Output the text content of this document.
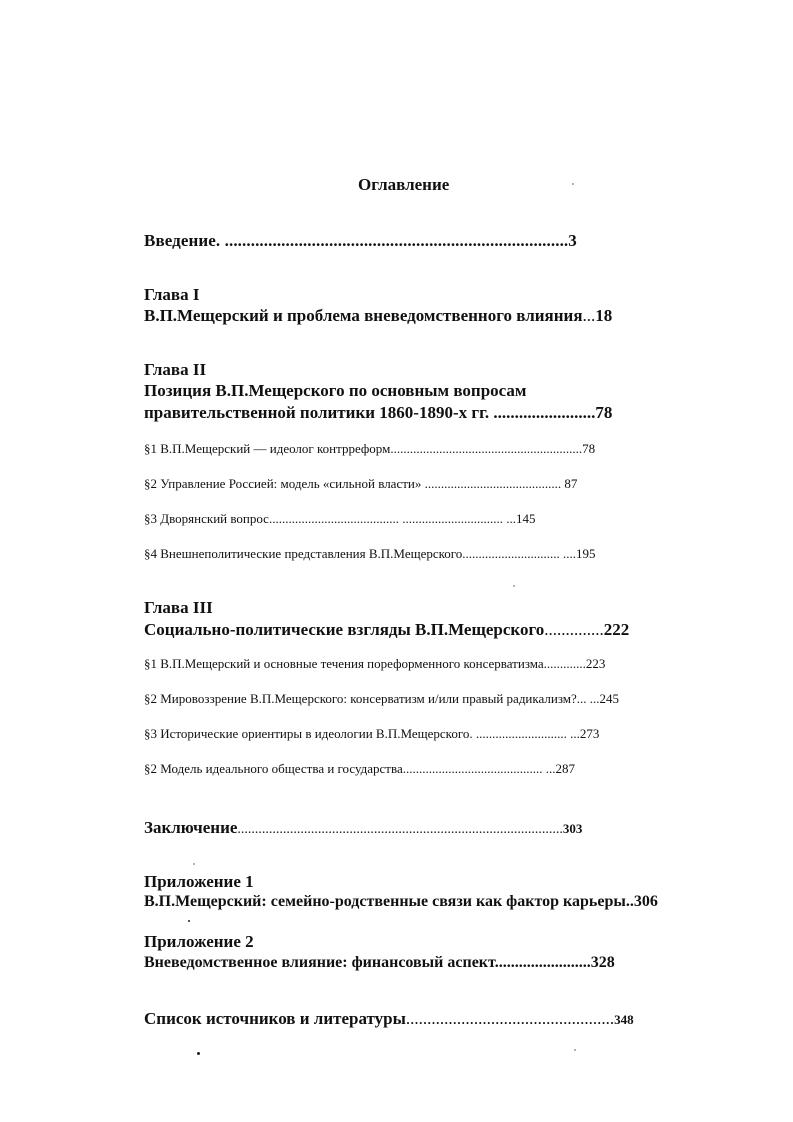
Оглавление
Введение. ...............................................................................3
Глава I
В.П.Мещерский и проблема вневедомственного влияния...18
Глава II
Позиция В.П.Мещерского по основным вопросам
правительственной политики 1860-1890-х гг. ........................78
§1 В.П.Мещерский — идеолог контрреформ...........................................................78
§2 Управление Россией: модель «сильной власти» .......................................... 87
§3 Дворянский вопрос........................................ ............................... ...145
§4 Внешнеполитические представления В.П.Мещерского.............................. ....195
Глава III
Социально-политические взгляды В.П.Мещерского..............222
§1 В.П.Мещерский и основные течения пореформенного консерватизма.............223
§2 Мировоззрение В.П.Мещерского: консерватизм и/или правый радикализм?... ...245
§3 Исторические ориентиры в идеологии В.П.Мещерского. ............................ ...273
§2 Модель идеального общества и государства........................................... ...287
Заключение.............................................................................................303
Приложение 1
В.П.Мещерский: семейно-родственные связи как фактор карьеры..306
Приложение 2
Вневедомственное влияние: финансовый аспект........................328
Список источников и литературы.................................................348
